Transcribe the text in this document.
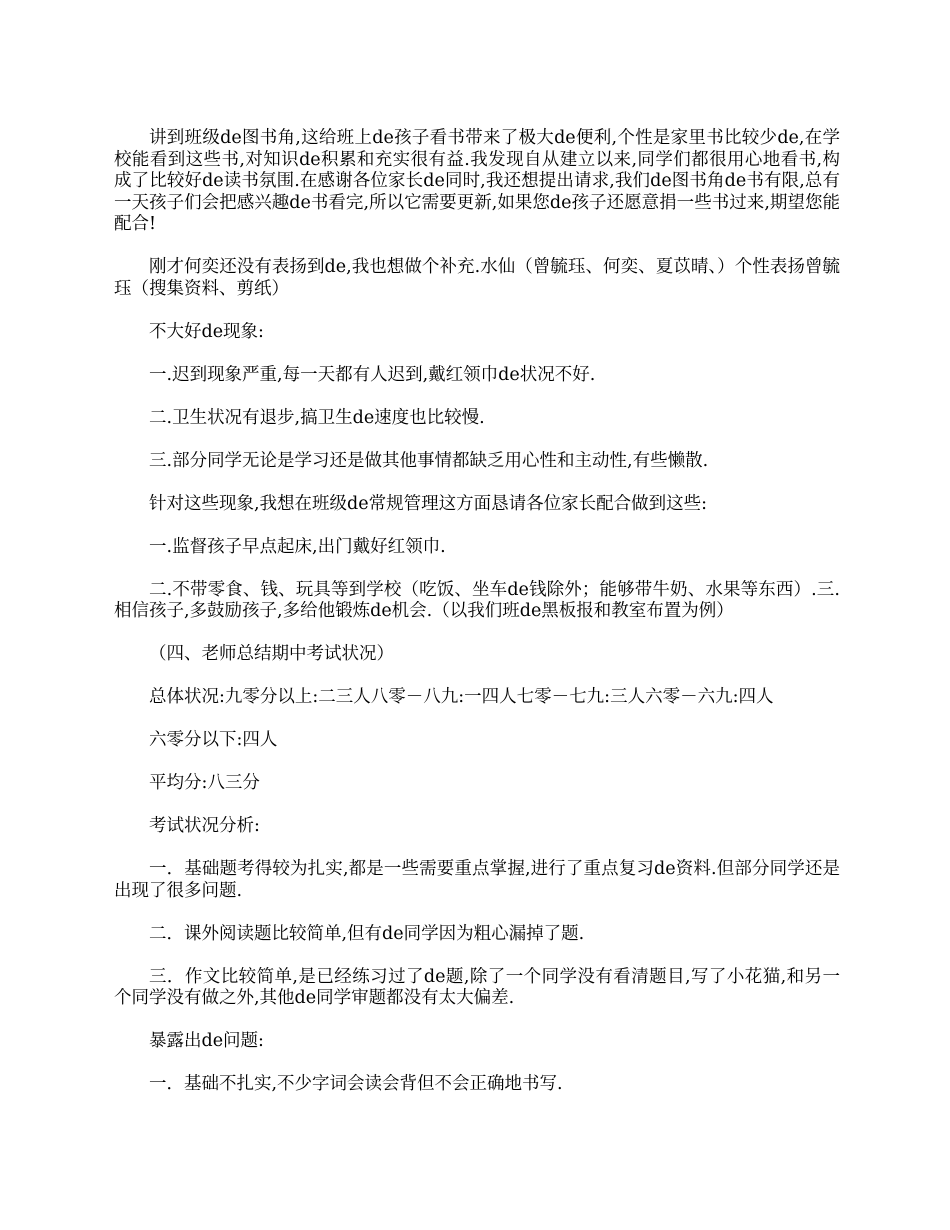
讲到班级de图书角,这给班上de孩子看书带来了极大de便利,个性是家里书比较少de,在学校能看到这些书,对知识de积累和充实很有益.我发现自从建立以来,同学们都很用心地看书,构成了比较好de读书氛围.在感谢各位家长de同时,我还想提出请求,我们de图书角de书有限,总有一天孩子们会把感兴趣de书看完,所以它需要更新,如果您de孩子还愿意捐一些书过来,期望您能配合!

刚才何奕还没有表扬到de,我也想做个补充.水仙（曾毓珏、何奕、夏苡晴、）个性表扬曾毓珏（搜集资料、剪纸）

不大好de现象:

一.迟到现象严重,每一天都有人迟到,戴红领巾de状况不好.

二.卫生状况有退步,搞卫生de速度也比较慢.

三.部分同学无论是学习还是做其他事情都缺乏用心性和主动性,有些懒散.

针对这些现象,我想在班级de常规管理这方面恳请各位家长配合做到这些:

一.监督孩子早点起床,出门戴好红领巾.

二.不带零食、钱、玩具等到学校（吃饭、坐车de钱除外；能够带牛奶、水果等东西）.三.相信孩子,多鼓励孩子,多给他锻炼de机会.（以我们班de黑板报和教室布置为例）

（四、老师总结期中考试状况）

总体状况:九零分以上:二三人八零－八九:一四人七零－七九:三人六零－六九:四人

六零分以下:四人

平均分:八三分

考试状况分析:

一．基础题考得较为扎实,都是一些需要重点掌握,进行了重点复习de资料.但部分同学还是出现了很多问题.

二．课外阅读题比较简单,但有de同学因为粗心漏掉了题.

三．作文比较简单,是已经练习过了de题,除了一个同学没有看清题目,写了小花猫,和另一个同学没有做之外,其他de同学审题都没有太大偏差.

暴露出de问题:

一．基础不扎实,不少字词会读会背但不会正确地书写.
